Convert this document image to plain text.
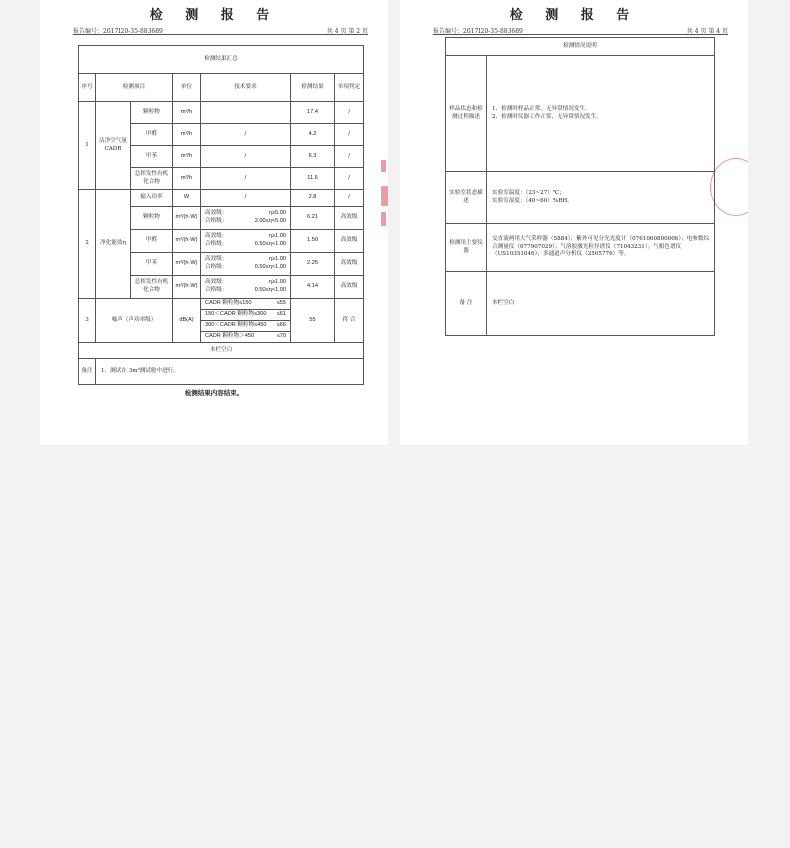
检 测 报 告
报告编号：2017I20-35-883689	共 4 页 第 2 页
检测结果汇总						
序号	检测项目		单位	技术要求	检测结果	单项判定
1	洁净空气量CADR	颗粒物	m³/h		17.4	/
		甲醛	m³/h	/	4.2	/
		甲苯	m³/h	/	6.3	/
		总挥发性有机化合物	m³/h	/	11.6	/
2	净化能效η	输入功率	W	/	2.8	/
		颗粒物	m³/(h·W)	高效级： η≥5.00
合格级： 2.00≤η<5.00	6.21	高效级
		甲醛	m³/(h·W)	高效级： η≥1.00
合格级： 0.50≤η<1.00	1.50	高效级
		甲苯	m³/(h·W)	高效级： η≥1.00
合格级： 0.50≤η<1.00	2.25	高效级
		总挥发性有机化合物	m³/(h·W)	高效级： η≥1.00
合格级： 0.50≤η<1.00	4.14	高效级
3	噪声（声功率级）		dB(A)	CADR 颗粒物≤150 ≤55	55	符 合

				150＜CADR 颗粒物≤300 ≤61		

				300＜CADR 颗粒物≤450 ≤66		

				CADR 颗粒物＞450 ≤70		

本栏空白						
备注	1、测试在 3m³测试舱中进行。					
检测结果内容结束。
检 测 报 告
报告编号：2017I20-35-883689	共 4 页 第 4 页
检测情况说明	
样品状态和检测过程描述	1、检测时样品正常，无异常情况发生。
2、检测时仪器工作正常，无异常情况发生。

实验室状态描述	实验室温度：（23~27）℃；
实验室湿度：（40~60）%RH。

检测用主要仪器	交直流两用大气采样器（5884）；紫外可见分光光度计（0761060800006）；电参数综合测量仪（077907029）；气溶胶激光粒径谱仪（71043231）；气相色谱仪（US10351046）；多通道声分析仪（2505776）等。
备 注	本栏空白
